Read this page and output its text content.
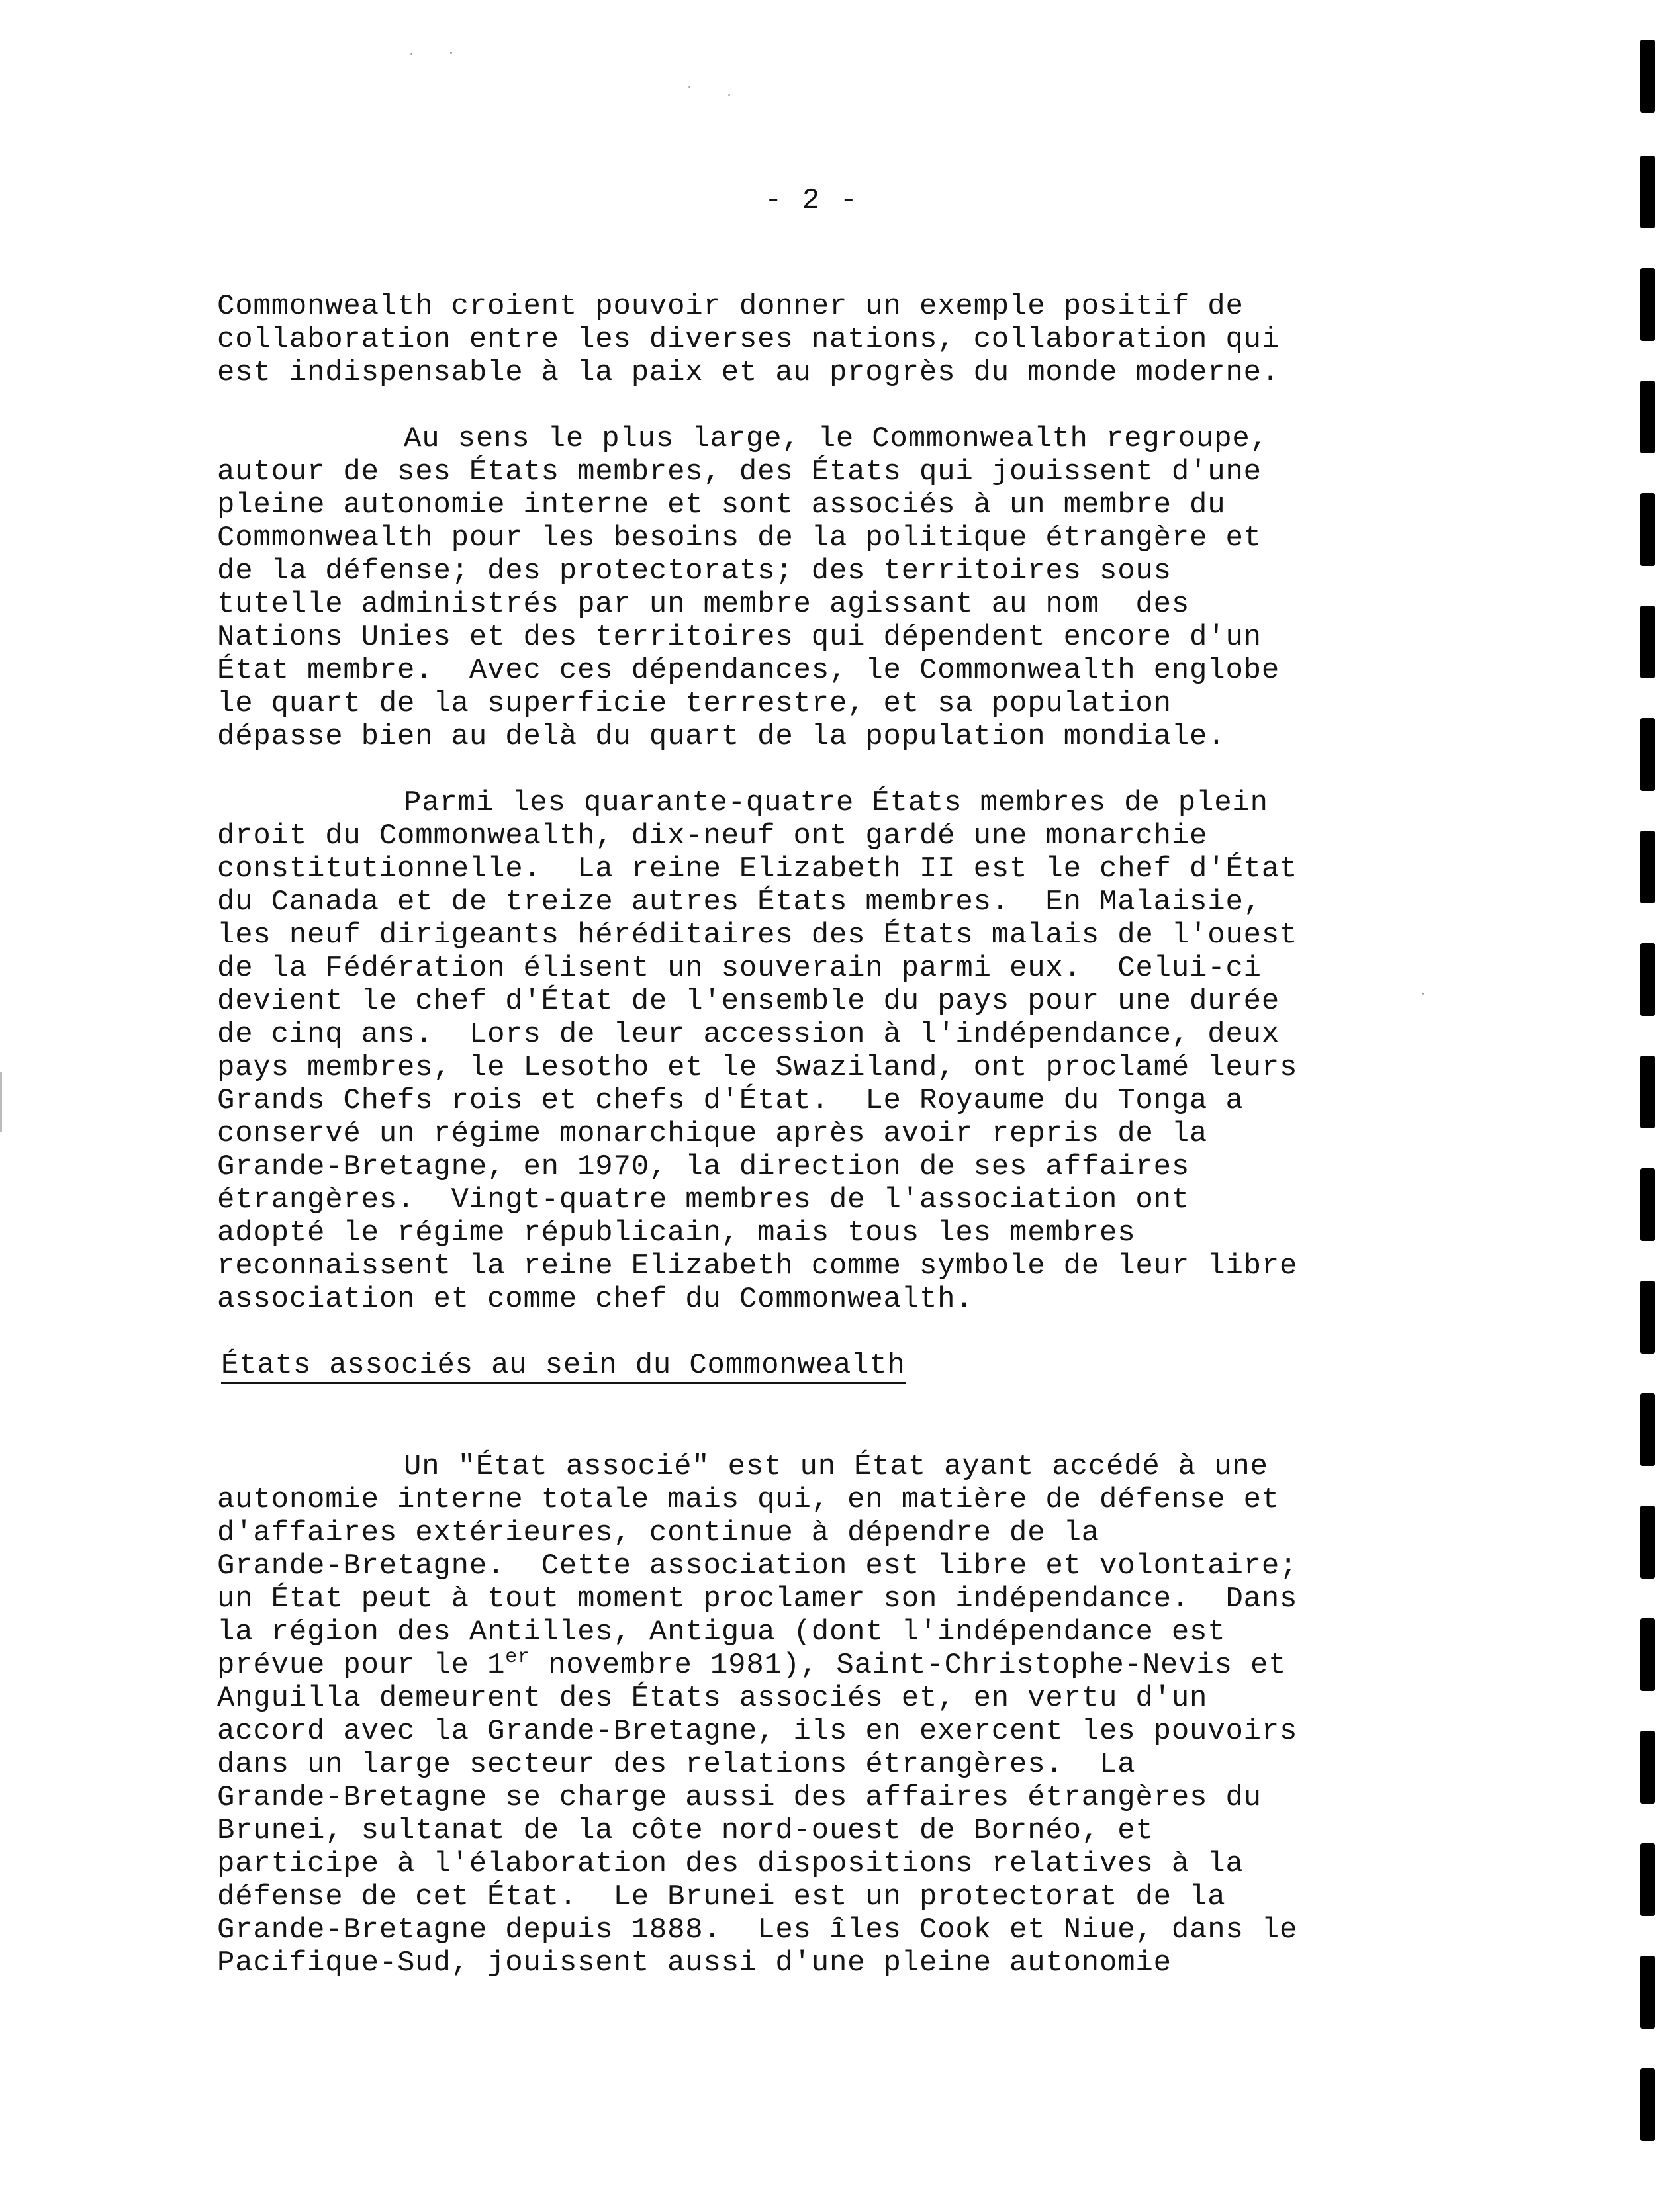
- 2 -
Commonwealth croient pouvoir donner un exemple positif de
collaboration entre les diverses nations, collaboration qui
est indispensable à la paix et au progrès du monde moderne.
Au sens le plus large, le Commonwealth regroupe,
autour de ses États membres, des États qui jouissent d'une
pleine autonomie interne et sont associés à un membre du
Commonwealth pour les besoins de la politique étrangère et
de la défense; des protectorats; des territoires sous
tutelle administrés par un membre agissant au nom  des
Nations Unies et des territoires qui dépendent encore d'un
État membre.  Avec ces dépendances, le Commonwealth englobe
le quart de la superficie terrestre, et sa population
dépasse bien au delà du quart de la population mondiale.
Parmi les quarante-quatre États membres de plein
droit du Commonwealth, dix-neuf ont gardé une monarchie
constitutionnelle.  La reine Elizabeth II est le chef d'État
du Canada et de treize autres États membres.  En Malaisie,
les neuf dirigeants héréditaires des États malais de l'ouest
de la Fédération élisent un souverain parmi eux.  Celui-ci
devient le chef d'État de l'ensemble du pays pour une durée
de cinq ans.  Lors de leur accession à l'indépendance, deux
pays membres, le Lesotho et le Swaziland, ont proclamé leurs
Grands Chefs rois et chefs d'État.  Le Royaume du Tonga a
conservé un régime monarchique après avoir repris de la
Grande-Bretagne, en 1970, la direction de ses affaires
étrangères.  Vingt-quatre membres de l'association ont
adopté le régime républicain, mais tous les membres
reconnaissent la reine Elizabeth comme symbole de leur libre
association et comme chef du Commonwealth.
États associés au sein du Commonwealth
Un "État associé" est un État ayant accédé à une
autonomie interne totale mais qui, en matière de défense et
d'affaires extérieures, continue à dépendre de la
Grande-Bretagne.  Cette association est libre et volontaire;
un État peut à tout moment proclamer son indépendance.  Dans
la région des Antilles, Antigua (dont l'indépendance est
prévue pour le 1er novembre 1981), Saint-Christophe-Nevis et
Anguilla demeurent des États associés et, en vertu d'un
accord avec la Grande-Bretagne, ils en exercent les pouvoirs
dans un large secteur des relations étrangères.  La
Grande-Bretagne se charge aussi des affaires étrangères du
Brunei, sultanat de la côte nord-ouest de Bornéo, et
participe à l'élaboration des dispositions relatives à la
défense de cet État.  Le Brunei est un protectorat de la
Grande-Bretagne depuis 1888.  Les îles Cook et Niue, dans le
Pacifique-Sud, jouissent aussi d'une pleine autonomie
